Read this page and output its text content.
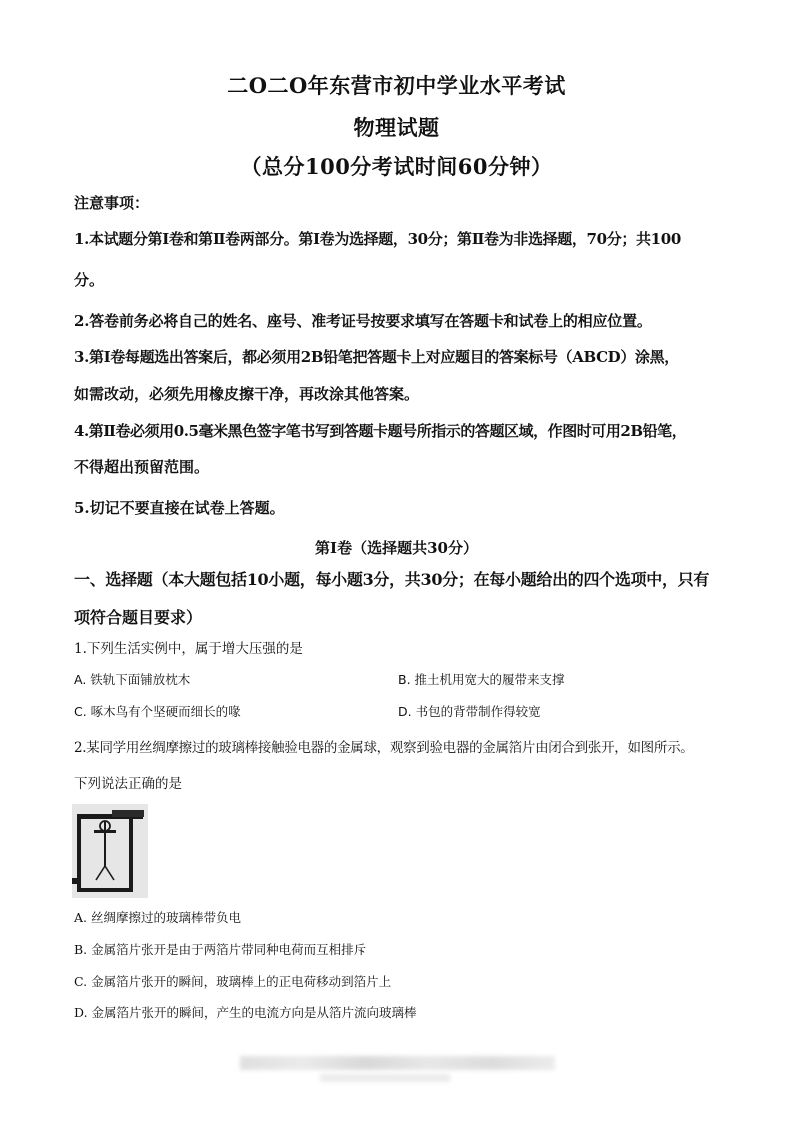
二O二O年东营市初中学业水平考试
物理试题
（总分100分考试时间60分钟）
注意事项：
1.本试题分第Ⅰ卷和第Ⅱ卷两部分。第Ⅰ卷为选择题，30分；第Ⅱ卷为非选择题，70分；共100
分。
2.答卷前务必将自己的姓名、座号、准考证号按要求填写在答题卡和试卷上的相应位置。
3.第Ⅰ卷每题选出答案后，都必须用2B铅笔把答题卡上对应题目的答案标号（ABCD）涂黑，
如需改动，必须先用橡皮擦干净，再改涂其他答案。
4.第Ⅱ卷必须用0.5毫米黑色签字笔书写到答题卡题号所指示的答题区域，作图时可用2B铅笔，
不得超出预留范围。
5.切记不要直接在试卷上答题。
第Ⅰ卷（选择题共30分）
一、选择题（本大题包括10小题，每小题3分，共30分；在每小题给出的四个选项中，只有
项符合题目要求）
1.下列生活实例中，属于增大压强的是
A. 铁轨下面铺放枕木	B. 推土机用宽大的履带来支撑
C. 啄木鸟有个坚硬而细长的喙	D. 书包的背带制作得较宽
2.某同学用丝绸摩擦过的玻璃棒接触验电器的金属球，观察到验电器的金属箔片由闭合到张开，如图所示。
下列说法正确的是
A. 丝绸摩擦过的玻璃棒带负电
B. 金属箔片张开是由于两箔片带同种电荷而互相排斥
C. 金属箔片张开的瞬间，玻璃棒上的正电荷移动到箔片上
D. 金属箔片张开的瞬间，产生的电流方向是从箔片流向玻璃棒
